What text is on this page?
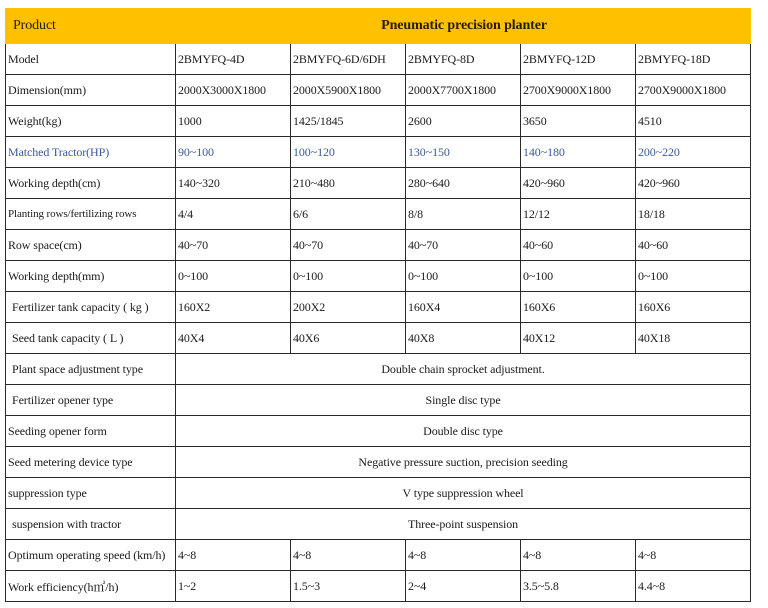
Product	Pneumatic precision planter				
Model	2BMYFQ-4D	2BMYFQ-6D/6DH	2BMYFQ-8D	2BMYFQ-12D	2BMYFQ-18D
Dimension(mm)	2000X3000X1800	2000X5900X1800	2000X7700X1800	2700X9000X1800	2700X9000X1800
Weight(kg)	1000	1425/1845	2600	3650	4510
Matched Tractor(HP)	90~100	100~120	130~150	140~180	200~220
Working depth(cm)	140~320	210~480	280~640	420~960	420~960
Planting rows/fertilizing rows	4/4	6/6	8/8	12/12	18/18
Row space(cm)	40~70	40~70	40~70	40~60	40~60
Working depth(mm)	0~100	0~100	0~100	0~100	0~100
Fertilizer tank capacity ( kg )	160X2	200X2	160X4	160X6	160X6
Seed tank capacity ( L )	40X4	40X6	40X8	40X12	40X18
Plant space adjustment type	Double chain sprocket adjustment.				
Fertilizer opener type	Single disc type				
Seeding opener form	Double disc type				
Seed metering device type	Negative pressure suction, precision seeding				
suppression type	V type suppression wheel				
suspension with tractor	Three-point suspension				
Optimum operating speed (km/h)	4~8	4~8	4~8	4~8	4~8
Work efficiency(h㎡/h)	1~2	1.5~3	2~4	3.5~5.8	4.4~8
